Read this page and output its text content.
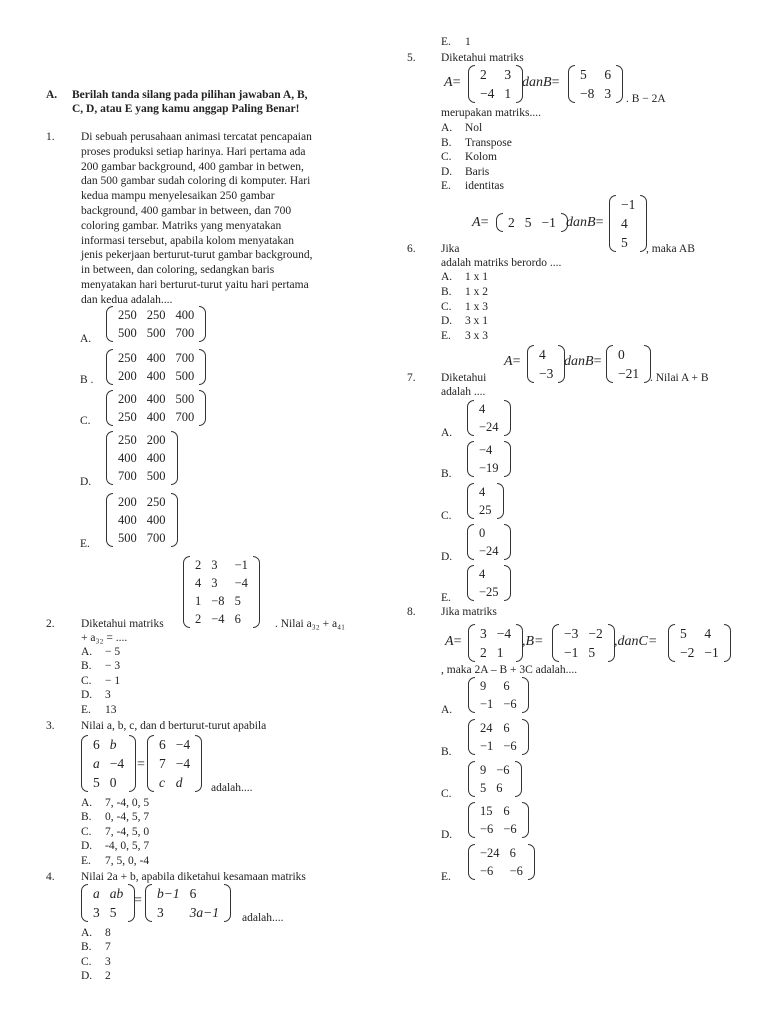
A. Berilah tanda silang pada pilihan jawaban A, B,
C, D, atau E yang kamu anggap Paling Benar!
1. Di sebuah perusahaan animasi tercatat pencapaian
proses produksi setiap harinya. Hari pertama ada
200 gambar background, 400 gambar in betwen,
dan 500 gambar sudah coloring di komputer. Hari
kedua mampu menyelesaikan 250 gambar
background, 400 gambar in between, dan 700
coloring gambar. Matriks yang menyatakan
informasi tersebut, apabila kolom menyatakan
jenis pekerjaan berturut-turut gambar background,
in between, dan coloring, sedangkan baris
menyatakan hari berturut-turut yaitu hari pertama
dan kedua adalah....
A.
250	250	400
500	500	700
B .
250	400	700
200	400	500
C.
200	400	500
250	400	700
D.
250	200
400	400
700	500
E.
200	250
400	400
500	700
2. Diketahui matriks
2	3	−1
4	3	−4
1	−8	5
2	−4	6	. Nilai a₃₂ + a₄₁
+ a₃₂ = ....
A. − 5
B. − 3
C. − 1
D. 3
E. 13
3. Nilai a, b, c, dan d berturut-turut apabila
6	b
a	−4
5	0
=
6	−4
7	−4
c	d adalah....
A. 7, -4, 0, 5
B. 0, -4, 5, 7
C. 7, -4, 5, 0
D. -4, 0, 5, 7
E. 7, 5, 0, -4
4. Nilai 2a + b, apabila diketahui kesamaan matriks
a	ab
3	5
= b−1	6
3	3a−1 adalah....
A. 8
B. 7
C. 3
D. 2
E. 1
5. Diketahui matriks
A=
2	3
−4	1
danB=
5	6
−8	3 . B − 2A
merupakan matriks....
A. Nol
B. Transpose
C. Kolom
D. Baris
E. identitas
A= 2	5	−1 danB=
−1
4
5
6. Jika	, maka AB
adalah matriks berordo ....
A. 1 x 1
B. 1 x 2
C. 1 x 3
D. 3 x 1
E. 3 x 3
7. Diketahui
A= 4
−3
danB= 0
−21 . Nilai A + B
adalah ....
A.
4
−24
B.
−4
−19
C.
4
25
D.
0
−24
E.
4
−25
8. Jika matriks
A=
3	−4
2	1
,B=
−3	−2
−1	5
,danC=
5	4
−2	−1
, maka 2A – B + 3C adalah....
A.
9	6
−1	−6
B.
24	6
−1	−6
C.
9	−6
5	6
D.
15	6
−6	−6
E.
−24	6
−6	−6
